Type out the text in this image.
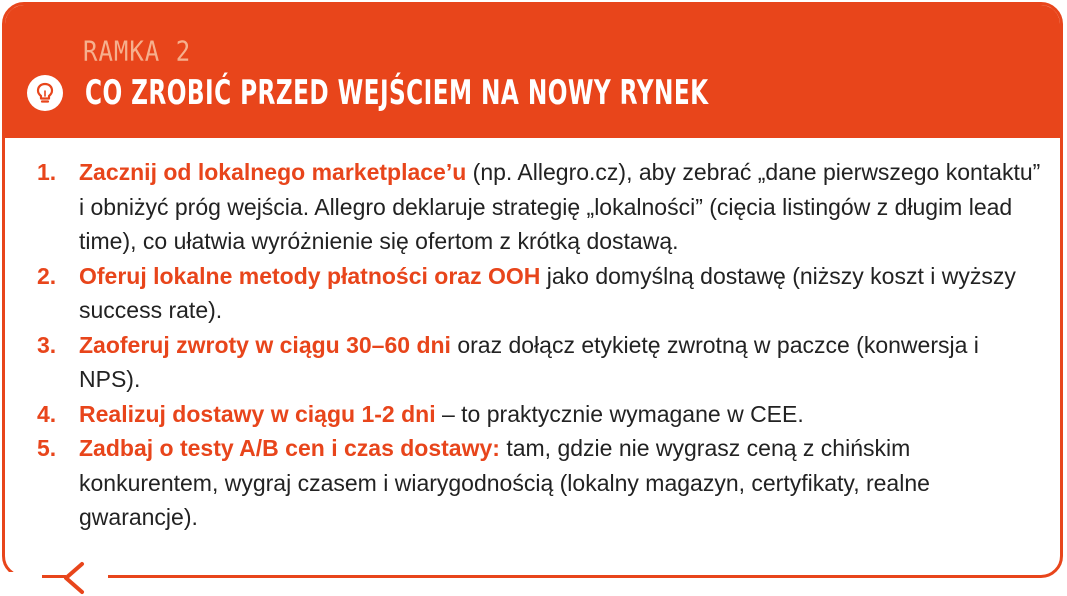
RAMKA 2
CO ZROBIĆ PRZED WEJŚCIEM NA NOWY RYNEK
1. Zacznij od lokalnego marketplace’u (np. Allegro.cz), aby zebrać „dane pierwszego kontaktu” i obniżyć próg wejścia. Allegro deklaruje strategię „lokalności” (cięcia listingów z długim lead time), co ułatwia wyróżnienie się ofertom z krótką dostawą.
2. Oferuj lokalne metody płatności oraz OOH jako domyślną dostawę (niższy koszt i wyższy success rate).
3. Zaoferuj zwroty w ciągu 30–60 dni oraz dołącz etykietę zwrotną w paczce (konwersja i NPS).
4. Realizuj dostawy w ciągu 1-2 dni – to praktycznie wymagane w CEE.
5. Zadbaj o testy A/B cen i czas dostawy: tam, gdzie nie wygrasz ceną z chińskim konkurentem, wygraj czasem i wiarygodnością (lokalny magazyn, certyfikaty, realne gwarancje).
